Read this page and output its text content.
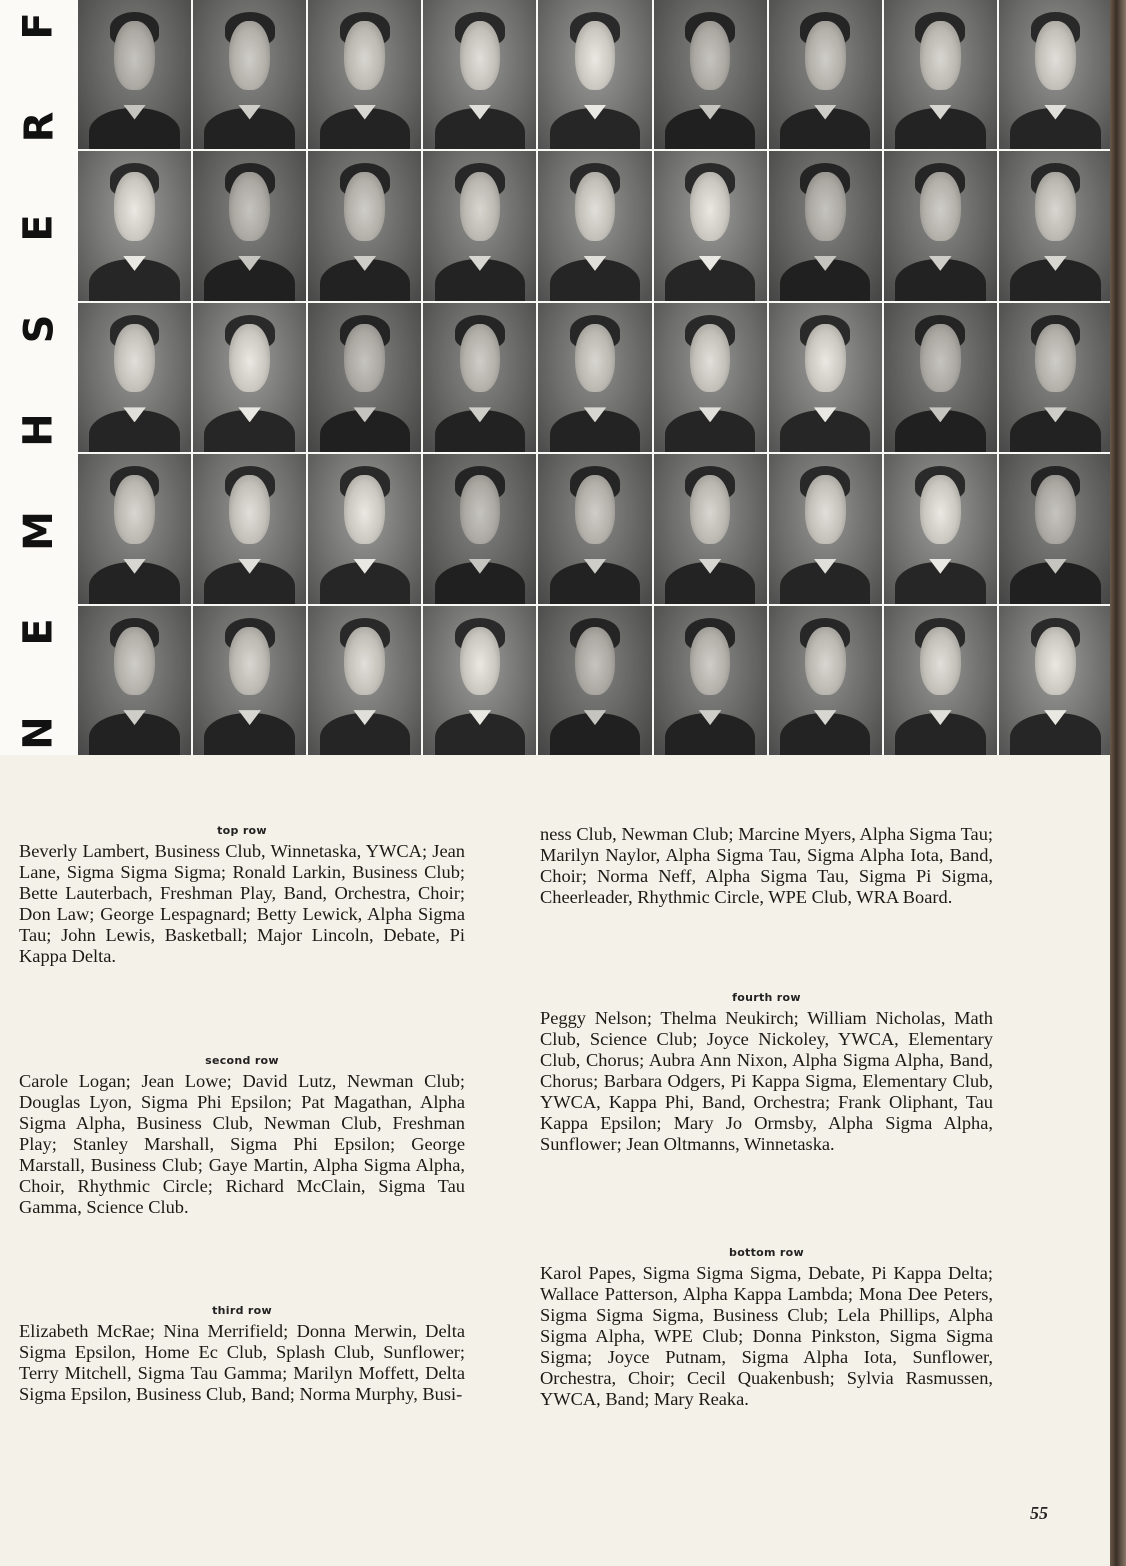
F
R
E
S
H
M
E
N

top row

Beverly Lambert, Business Club, Winnetaska, YWCA; Jean Lane, Sigma Sigma Sigma; Ronald Larkin, Business Club; Bette Lauterbach, Freshman Play, Band, Orchestra, Choir; Don Law; George Lespagnard; Betty Lewick, Alpha Sigma Tau; John Lewis, Basketball; Major Lincoln, Debate, Pi Kappa Delta.

second row

Carole Logan; Jean Lowe; David Lutz, Newman Club; Douglas Lyon, Sigma Phi Epsilon; Pat Magathan, Alpha Sigma Alpha, Business Club, Newman Club, Freshman Play; Stanley Marshall, Sigma Phi Epsilon; George Marstall, Business Club; Gaye Martin, Alpha Sigma Alpha, Choir, Rhythmic Circle; Richard McClain, Sigma Tau Gamma, Science Club.

third row

Elizabeth McRae; Nina Merrifield; Donna Merwin, Delta Sigma Epsilon, Home Ec Club, Splash Club, Sunflower; Terry Mitchell, Sigma Tau Gamma; Marilyn Moffett, Delta Sigma Epsilon, Business Club, Band; Norma Murphy, Busi-

ness Club, Newman Club; Marcine Myers, Alpha Sigma Tau; Marilyn Naylor, Alpha Sigma Tau, Sigma Alpha Iota, Band, Choir; Norma Neff, Alpha Sigma Tau, Sigma Pi Sigma, Cheerleader, Rhythmic Circle, WPE Club, WRA Board.

fourth row

Peggy Nelson; Thelma Neukirch; William Nicholas, Math Club, Science Club; Joyce Nickoley, YWCA, Elementary Club, Chorus; Aubra Ann Nixon, Alpha Sigma Alpha, Band, Chorus; Barbara Odgers, Pi Kappa Sigma, Elementary Club, YWCA, Kappa Phi, Band, Orchestra; Frank Oliphant, Tau Kappa Epsilon; Mary Jo Ormsby, Alpha Sigma Alpha, Sunflower; Jean Oltmanns, Winnetaska.

bottom row

Karol Papes, Sigma Sigma Sigma, Debate, Pi Kappa Delta; Wallace Patterson, Alpha Kappa Lambda; Mona Dee Peters, Sigma Sigma Sigma, Business Club; Lela Phillips, Alpha Sigma Alpha, WPE Club; Donna Pinkston, Sigma Sigma Sigma; Joyce Putnam, Sigma Alpha Iota, Sunflower, Orchestra, Choir; Cecil Quakenbush; Sylvia Rasmussen, YWCA, Band; Mary Reaka.

55
